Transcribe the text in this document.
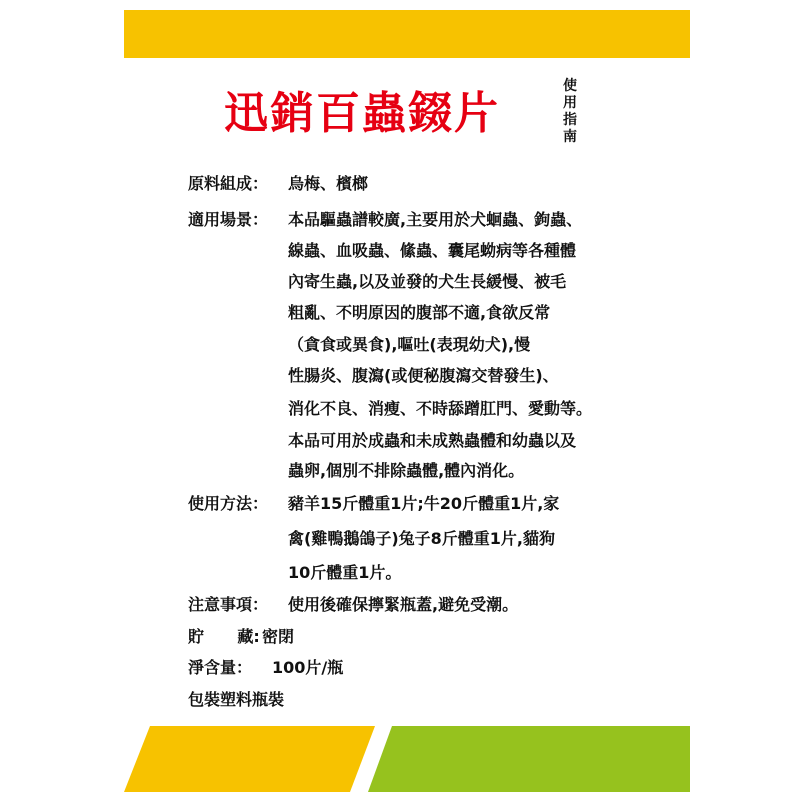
迅銷百蟲錣片
使
用
指
南
原料組成： 烏梅、檳榔
適用場景： 本品驅蟲譜較廣,主要用於犬蛔蟲、鉤蟲、
線蟲、血吸蟲、絛蟲、囊尾蚴病等各種體
內寄生蟲,以及並發的犬生長緩慢、被毛
粗亂、不明原因的腹部不適,食欲反常
（貪食或異食),嘔吐(表現幼犬),慢
性腸炎、腹瀉(或便秘腹瀉交替發生)、
消化不良、消瘦、不時舔蹭肛門、愛動等。
本品可用於成蟲和未成熟蟲體和幼蟲以及
蟲卵,個別不排除蟲體,體內消化。
使用方法： 豬羊15斤體重1片;牛20斤體重1片,家
禽(雞鴨鵝鴿子)兔子8斤體重1片,貓狗
10斤體重1片。
注意事項： 使用後確保擰緊瓶蓋,避免受潮。
貯      藏: 密閉
淨含量： 100片/瓶
包裝塑料瓶裝
